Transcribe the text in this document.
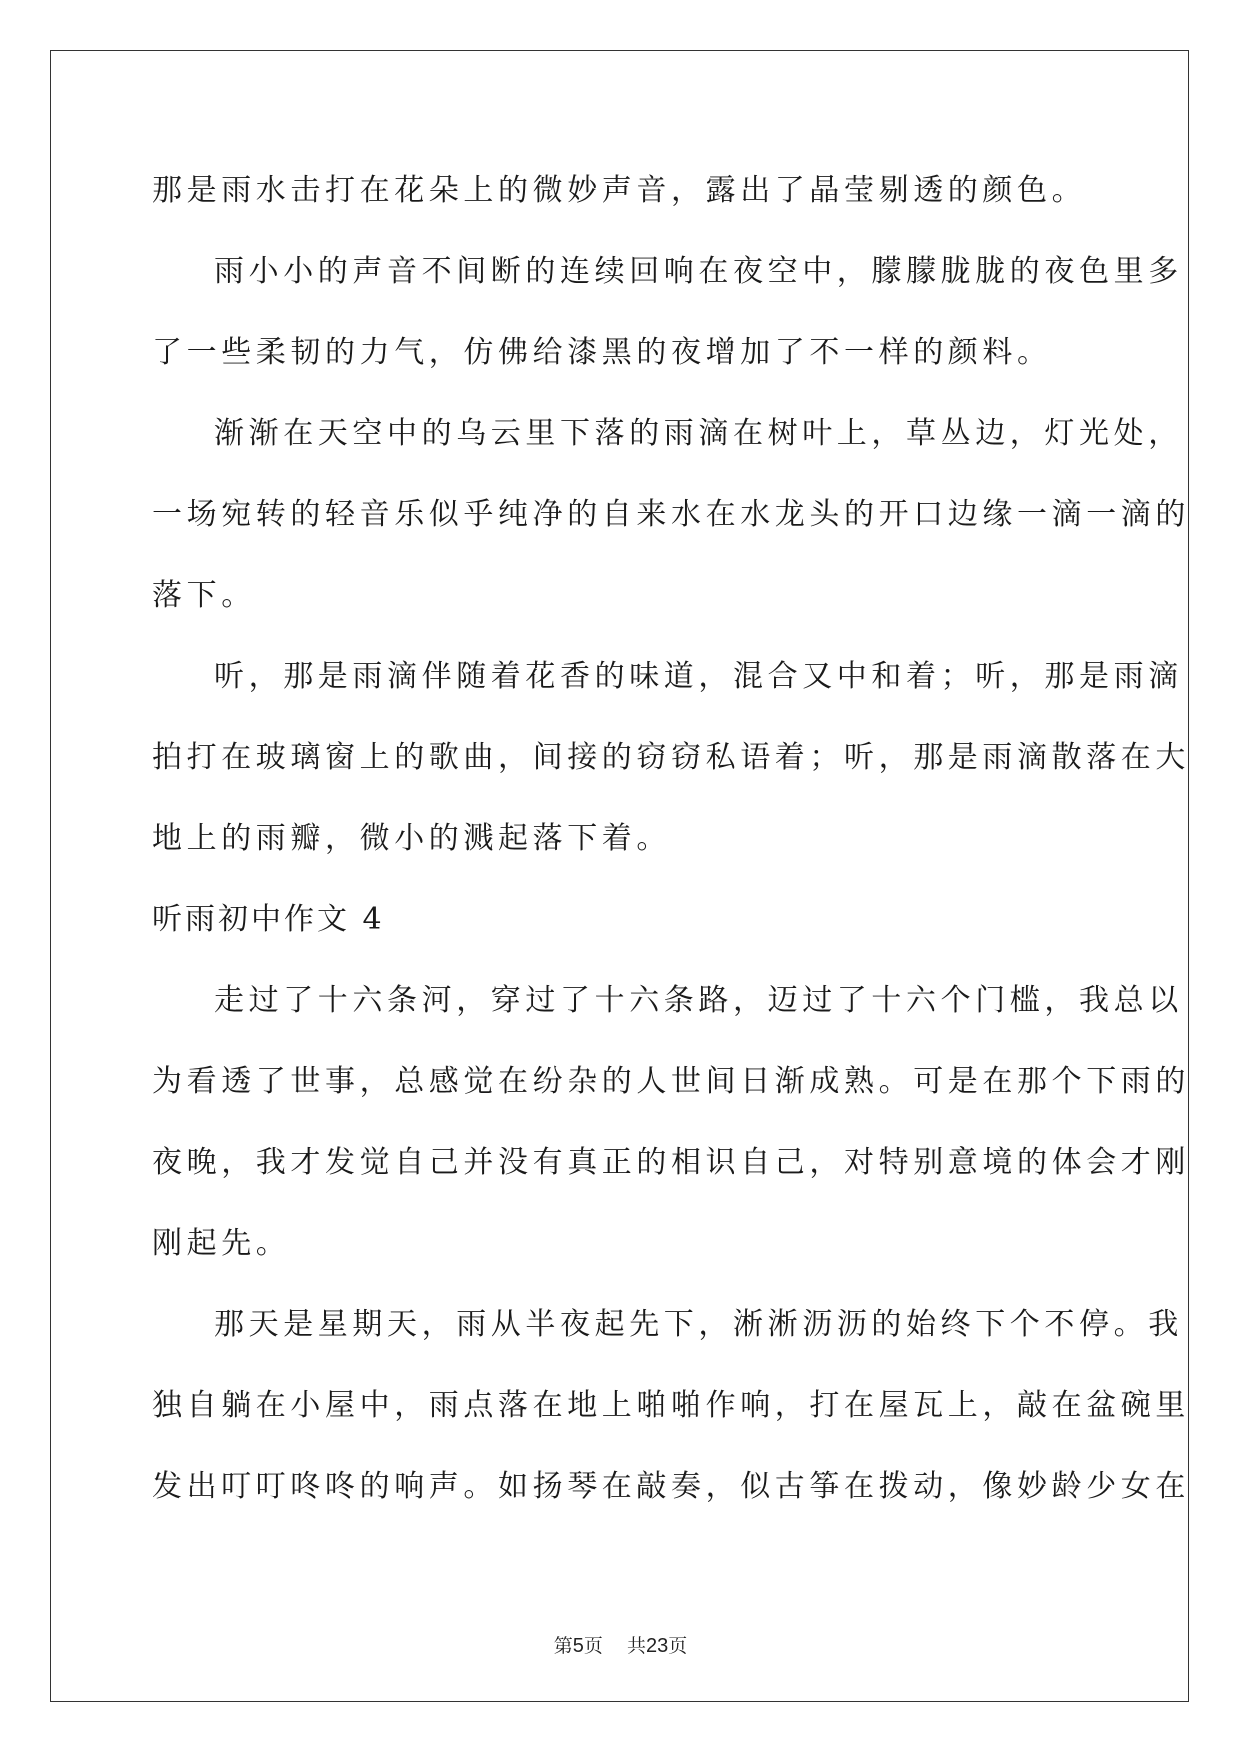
那是雨水击打在花朵上的微妙声音，露出了晶莹剔透的颜色。
雨小小的声音不间断的连续回响在夜空中，朦朦胧胧的夜色里多
了一些柔韧的力气，仿佛给漆黑的夜增加了不一样的颜料。
渐渐在天空中的乌云里下落的雨滴在树叶上，草丛边，灯光处，
一场宛转的轻音乐似乎纯净的自来水在水龙头的开口边缘一滴一滴的
落下。
听，那是雨滴伴随着花香的味道，混合又中和着；听，那是雨滴
拍打在玻璃窗上的歌曲，间接的窃窃私语着；听，那是雨滴散落在大
地上的雨瓣，微小的溅起落下着。
听雨初中作文 4
走过了十六条河，穿过了十六条路，迈过了十六个门槛，我总以
为看透了世事，总感觉在纷杂的人世间日渐成熟。可是在那个下雨的
夜晚，我才发觉自己并没有真正的相识自己，对特别意境的体会才刚
刚起先。
那天是星期天，雨从半夜起先下，淅淅沥沥的始终下个不停。我
独自躺在小屋中，雨点落在地上啪啪作响，打在屋瓦上，敲在盆碗里
发出叮叮咚咚的响声。如扬琴在敲奏，似古筝在拨动，像妙龄少女在
第5页 共23页
